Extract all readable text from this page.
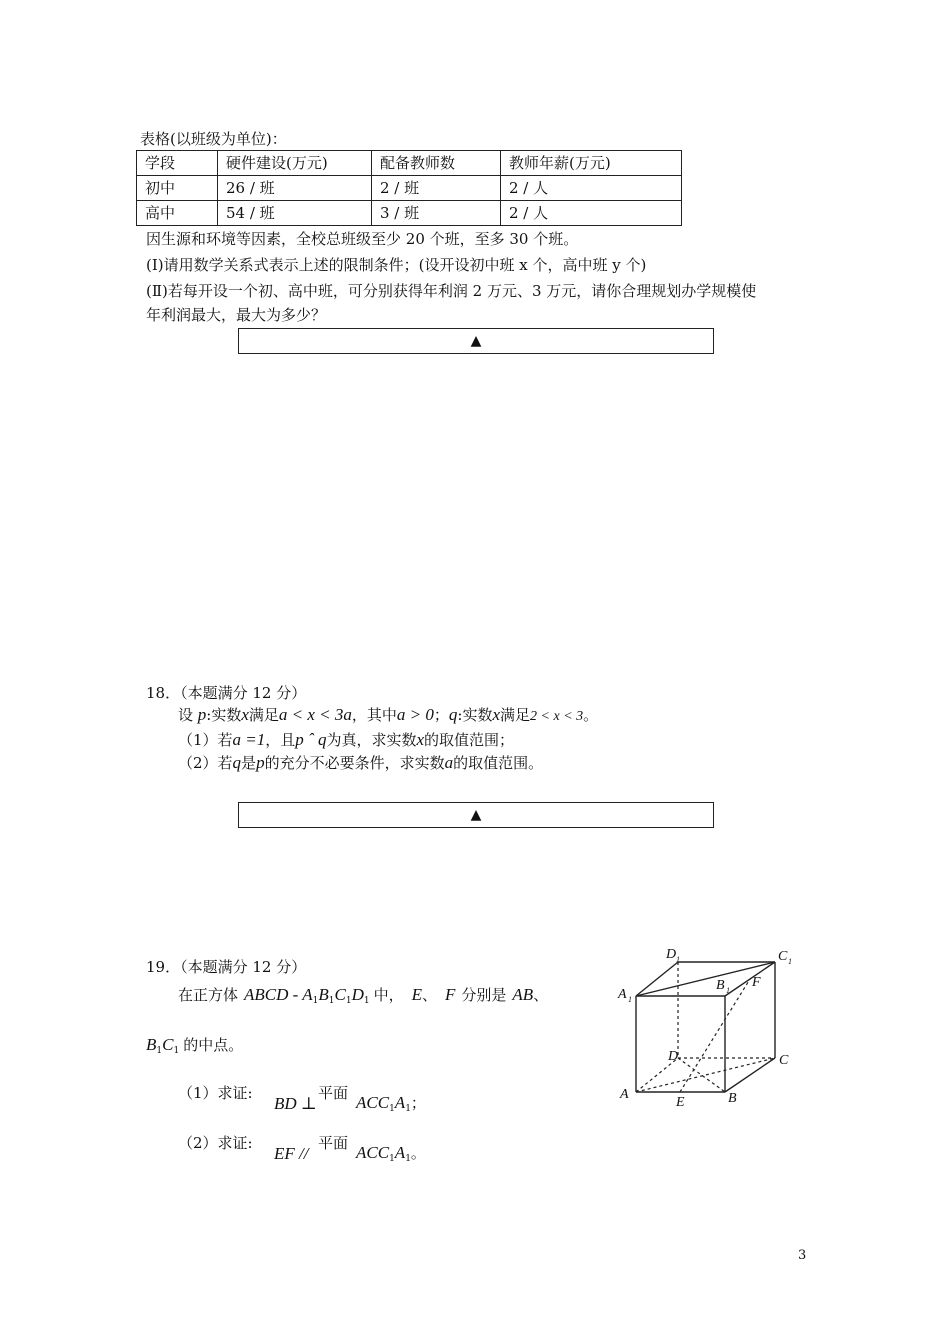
表格(以班级为单位)：
学段	硬件建设(万元)	配备教师数	教师年薪(万元)
初中	26 / 班	2 / 班	2 / 人
高中	54 / 班	3 / 班	2 / 人
因生源和环境等因素，全校总班级至少 20 个班，至多 30 个班。
(Ⅰ)请用数学关系式表示上述的限制条件；(设开设初中班 x 个，高中班 y 个)
(Ⅱ)若每开设一个初、高中班，可分别获得年利润 2 万元、3 万元，请你合理规划办学规模使
年利润最大，最大为多少？
▲
18．（本题满分 12 分）
设 p:实数x满足a < x < 3a，其中a > 0；q:实数x满足2 < x < 3。
（1）若a =1，且p ˆ q为真，求实数x的取值范围；
（2）若q是p的充分不必要条件，求实数a的取值范围。
▲
19．（本题满分 12 分）
在正方体 ABCD - $A_1B_1C_1D_1$ 中， E、 F 分别是 AB、
$B_1C_1$ 的中点。
（1）求证:
BD ⊥
平面 $ACC_1A_1$；
（2）求证:
EF //
平面 $ACC_1A_1$。
D 1	C 1
A 1
B 1
F
D	C
A
E	B
3
